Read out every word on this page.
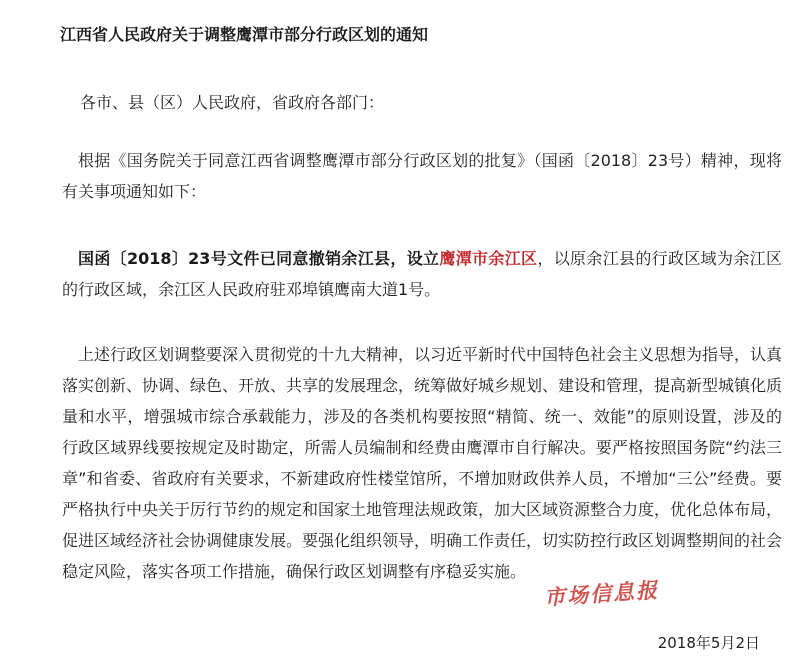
江西省人民政府关于调整鹰潭市部分行政区划的通知
各市、县（区）人民政府，省政府各部门：
根据《国务院关于同意江西省调整鹰潭市部分行政区划的批复》（国函〔2018〕23号）精神，现将有关事项通知如下：
国函〔2018〕23号文件已同意撤销余江县，设立鹰潭市余江区，以原余江县的行政区域为余江区的行政区域，余江区人民政府驻邓埠镇鹰南大道1号。
上述行政区划调整要深入贯彻党的十九大精神，以习近平新时代中国特色社会主义思想为指导，认真落实创新、协调、绿色、开放、共享的发展理念，统筹做好城乡规划、建设和管理，提高新型城镇化质量和水平，增强城市综合承载能力，涉及的各类机构要按照“精简、统一、效能”的原则设置，涉及的行政区域界线要按规定及时勘定，所需人员编制和经费由鹰潭市自行解决。要严格按照国务院“约法三章”和省委、省政府有关要求，不新建政府性楼堂馆所，不增加财政供养人员，不增加“三公”经费。要严格执行中央关于厉行节约的规定和国家土地管理法规政策，加大区域资源整合力度，优化总体布局，促进区域经济社会协调健康发展。要强化组织领导，明确工作责任，切实防控行政区划调整期间的社会稳定风险，落实各项工作措施，确保行政区划调整有序稳妥实施。
市场信息报
2018年5月2日
